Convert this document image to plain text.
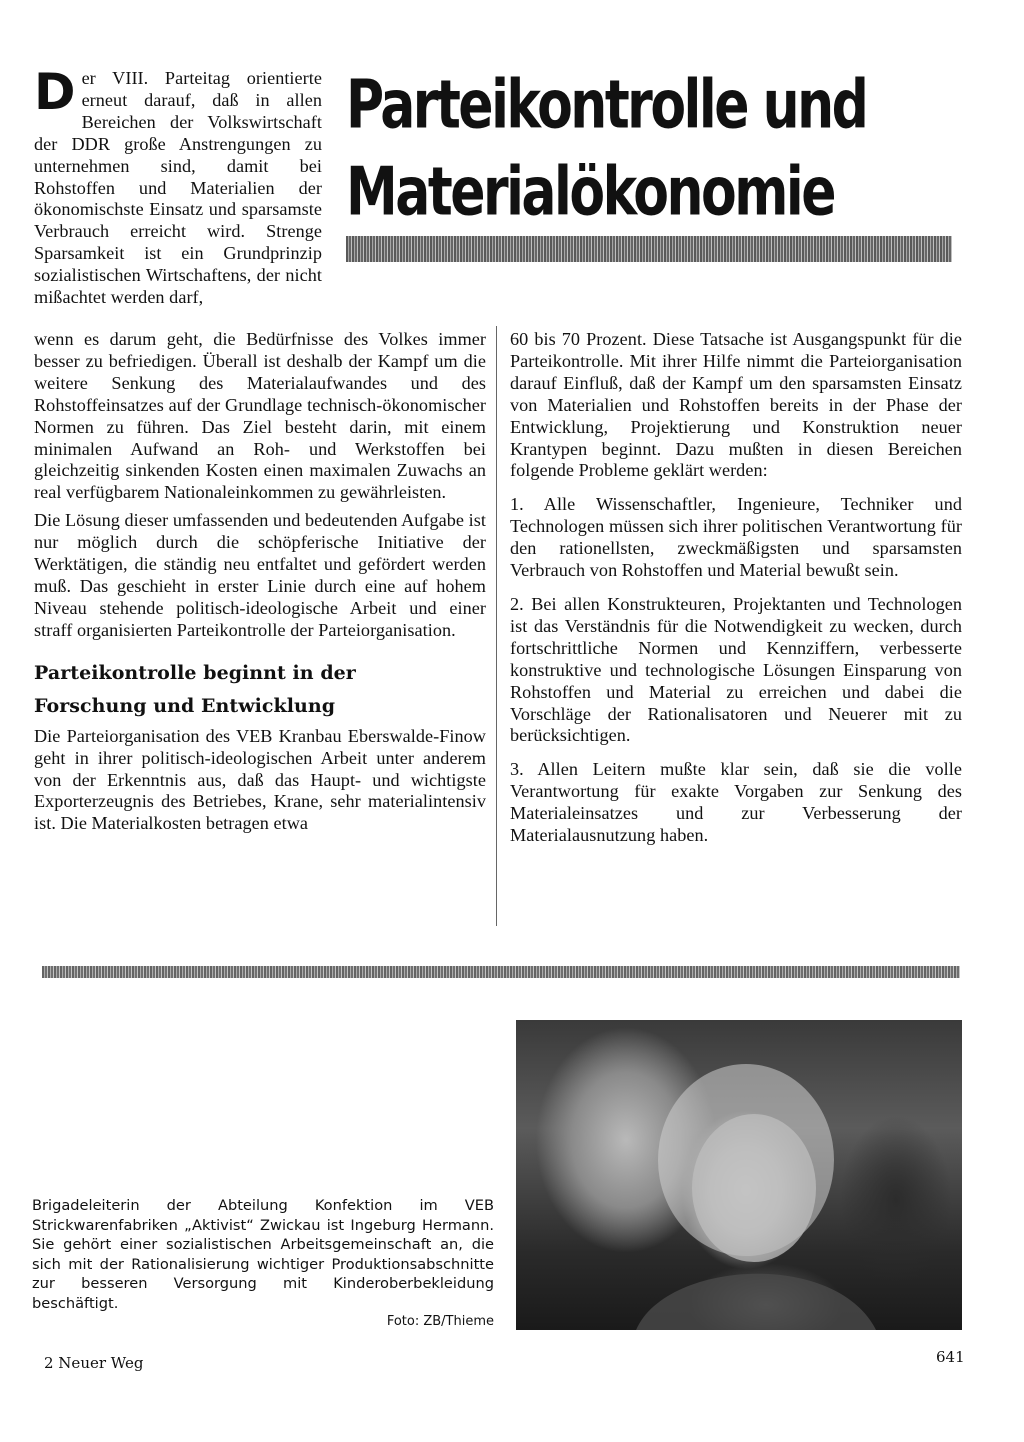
Parteikontrolle und
Materialökonomie

Der VIII. Parteitag orientierte erneut darauf, daß in allen Bereichen der Volkswirtschaft der DDR große Anstrengungen zu unternehmen sind, damit bei Rohstoffen und Materialien der ökonomischste Einsatz und sparsamste Verbrauch erreicht wird. Strenge Sparsamkeit ist ein Grundprinzip sozialistischen Wirtschaftens, der nicht mißachtet werden darf,

wenn es darum geht, die Bedürfnisse des Volkes immer besser zu befriedigen. Überall ist deshalb der Kampf um die weitere Senkung des Materialaufwandes und des Rohstoffeinsatzes auf der Grundlage technisch-ökonomischer Normen zu führen. Das Ziel besteht darin, mit einem minimalen Aufwand an Roh- und Werkstoffen bei gleichzeitig sinkenden Kosten einen maximalen Zuwachs an real verfügbarem Nationaleinkommen zu gewährleisten.

Die Lösung dieser umfassenden und bedeutenden Aufgabe ist nur möglich durch die schöpferische Initiative der Werktätigen, die ständig neu entfaltet und gefördert werden muß. Das geschieht in erster Linie durch eine auf hohem Niveau stehende politisch-ideologische Arbeit und einer straff organisierten Parteikontrolle der Parteiorganisation.

Parteikontrolle beginnt in der

Forschung und Entwicklung

Die Parteiorganisation des VEB Kranbau Eberswalde-Finow geht in ihrer politisch-ideologischen Arbeit unter anderem von der Erkenntnis aus, daß das Haupt- und wichtigste Exporterzeugnis des Betriebes, Krane, sehr materialintensiv ist. Die Materialkosten betragen etwa

60 bis 70 Prozent. Diese Tatsache ist Ausgangspunkt für die Parteikontrolle. Mit ihrer Hilfe nimmt die Parteiorganisation darauf Einfluß, daß der Kampf um den sparsamsten Einsatz von Materialien und Rohstoffen bereits in der Phase der Entwicklung, Projektierung und Konstruktion neuer Krantypen beginnt. Dazu mußten in diesen Bereichen folgende Probleme geklärt werden:

1. Alle Wissenschaftler, Ingenieure, Techniker und Technologen müssen sich ihrer politischen Verantwortung für den rationellsten, zweckmäßigsten und sparsamsten Verbrauch von Rohstoffen und Material bewußt sein.

2. Bei allen Konstrukteuren, Projektanten und Technologen ist das Verständnis für die Notwendigkeit zu wecken, durch fortschrittliche Normen und Kennziffern, verbesserte konstruktive und technologische Lösungen Einsparung von Rohstoffen und Material zu erreichen und dabei die Vorschläge der Rationalisatoren und Neuerer mit zu berücksichtigen.

3. Allen Leitern mußte klar sein, daß sie die volle Verantwortung für exakte Vorgaben zur Senkung des Materialeinsatzes und zur Verbesserung der Materialausnutzung haben.

Brigadeleiterin der Abteilung Konfektion im VEB Strickwarenfabriken „Aktivist“ Zwickau ist Ingeburg Hermann. Sie gehört einer sozialistischen Arbeitsgemeinschaft an, die sich mit der Rationalisierung wichtiger Produktionsabschnitte zur besseren Versorgung mit Kinderoberbekleidung beschäftigt.

Foto: ZB/Thieme
2 Neuer Weg	641
